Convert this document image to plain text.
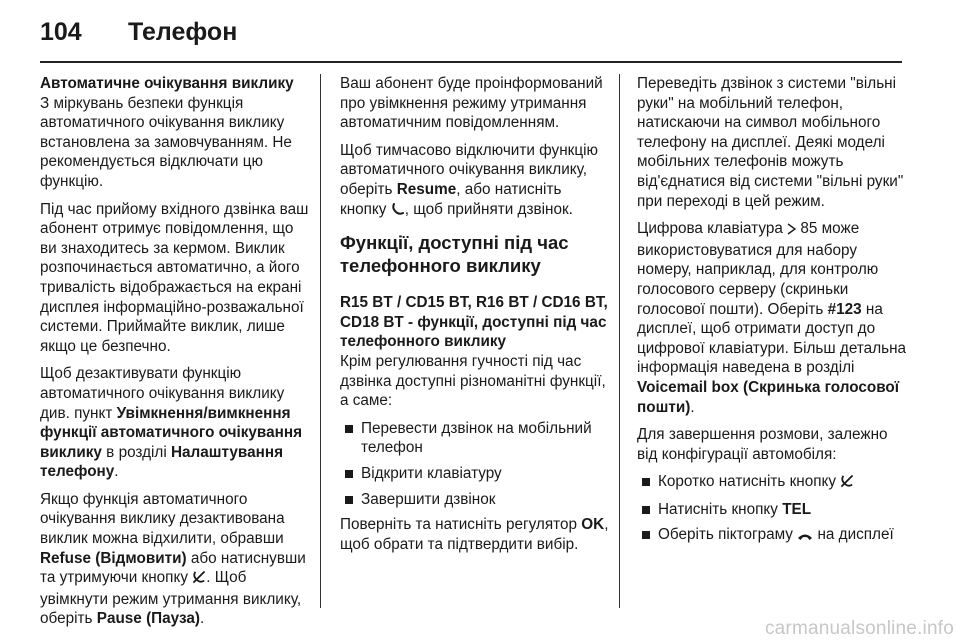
104	Телефон
Автоматичне очікування виклику

З міркувань безпеки функція автоматичного очікування виклику встановлена за замовчуванням. Не рекомендується відключати цю функцію.

Під час прийому вхідного дзвінка ваш абонент отримує повідомлення, що ви знаходитесь за кермом. Виклик розпочинається автоматично, а його тривалість відображається на екрані дисплея інформаційно-розважальної системи. Приймайте виклик, лише якщо це безпечно.

Щоб дезактивувати функцію автоматичного очікування виклику див. пункт Увімкнення/вимкнення функції автоматичного очікування виклику в розділі Налаштування телефону.

Якщо функція автоматичного очікування виклику дезактивована виклик можна відхилити, обравши Refuse (Відмовити) або натиснувши та утримуючи кнопку . Щоб увімкнути режим утримання виклику, оберіть Pause (Пауза).

Ваш абонент буде проінформований про увімкнення режиму утримання автоматичним повідомленням.

Щоб тимчасово відключити функцію автоматичного очікування виклику, оберіть Resume, або натисніть кнопку , щоб прийняти дзвінок.

Функції, доступні під час телефонного виклику
R15 BT / CD15 BT, R16 BT / CD16 BT, CD18 BT - функції, доступні під час телефонного виклику

Крім регулювання гучності під час дзвінка доступні різноманітні функції, а саме:

Перевести дзвінок на мобільний телефон
Відкрити клавіатуру
Завершити дзвінок

Поверніть та натисніть регулятор OK, щоб обрати та підтвердити вибір.

Переведіть дзвінок з системи "вільні руки" на мобільний телефон, натискаючи на символ мобільного телефону на дисплеї. Деякі моделі мобільних телефонів можуть від'єднатися від системи "вільні руки" при переході в цей режим.

Цифрова клавіатура  85 може використовуватися для набору номеру, наприклад, для контролю голосового серверу (скриньки голосової пошти). Оберіть #123 на дисплеї, щоб отримати доступ до цифрової клавіатури. Більш детальна інформація наведена в розділі Voicemail box (Скринька голосової пошти).

Для завершення розмови, залежно від конфігурації автомобіля:

Коротко натисніть кнопку
Натисніть кнопку TEL
Оберіть піктограму  на дисплеї
carmanualsonline.info
